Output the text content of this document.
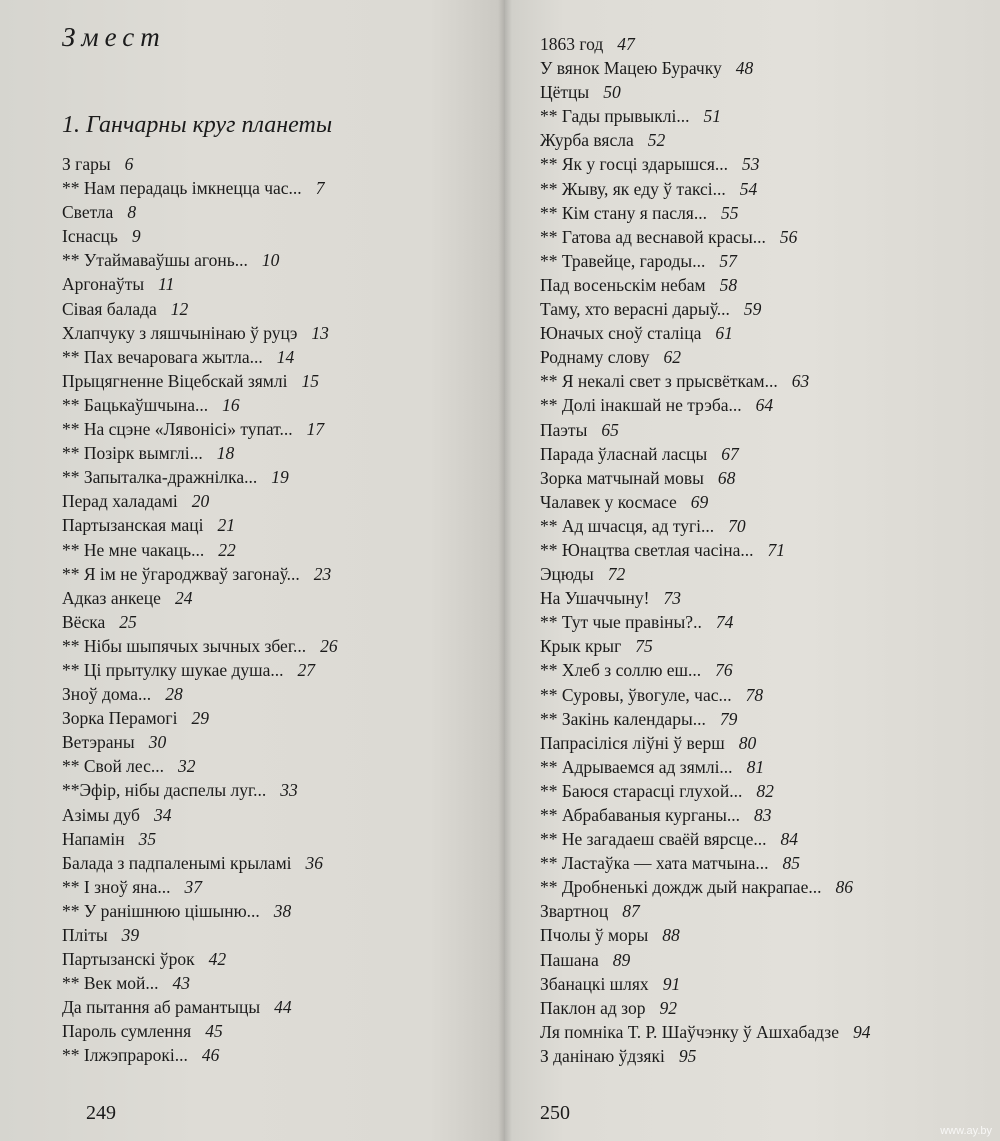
Змест
1. Ганчарны круг планеты
З гары 6
** Нам перадаць імкнецца час... 7
Светла 8
Існасць 9
** Утаймаваўшы агонь... 10
Аргонаўты 11
Сівая балада 12
Хлапчуку з ляшчынінаю ў руцэ 13
** Пах вечаровага жытла... 14
Прыцягненне Віцебскай зямлі 15
** Бацькаўшчына... 16
** На сцэне «Лявонісі» тупат... 17
** Позірк вымглі... 18
** Запыталка-дражнілка... 19
Перад халадамі 20
Партызанская маці 21
** Не мне чакаць... 22
** Я ім не ўгароджваў загонаў... 23
Адказ анкеце 24
Вёска 25
** Нібы шыпячых зычных збег... 26
** Ці прытулку шукае душа... 27
Зноў дома... 28
Зорка Перамогі 29
Ветэраны 30
** Свой лес... 32
**Эфір, нібы даспелы луг... 33
Азімы дуб 34
Напамін 35
Балада з падпаленымі крыламі 36
** І зноў яна... 37
** У ранішнюю цішыню... 38
Пліты 39
Партызанскі ўрок 42
** Век мой... 43
Да пытання аб рамантыцы 44
Пароль сумлення 45
** Ілжэпрарокі... 46
249
1863 год 47
У вянок Мацею Бурачку 48
Цётцы 50
** Гады прывыклі... 51
Журба вясла 52
** Як у госці здарышся... 53
** Жыву, як еду ў таксі... 54
** Кім стану я пасля... 55
** Гатова ад веснавой красы... 56
** Травейце, гароды... 57
Пад восеньскім небам 58
Таму, хто верасні дарыў... 59
Юначых сноў сталіца 61
Роднаму слову 62
** Я некалі свет з прысвёткам... 63
** Долі інакшай не трэба... 64
Паэты 65
Парада ўласнай ласцы 67
Зорка матчынай мовы 68
Чалавек у космасе 69
** Ад шчасця, ад тугі... 70
** Юнацтва светлая часіна... 71
Эцюды 72
На Ушаччыну! 73
** Тут чые правіны?.. 74
Крык крыг 75
** Хлеб з соллю еш... 76
** Суровы, ўвогуле, час... 78
** Закінь календары... 79
Папрасіліся ліўні ў верш 80
** Адрываемся ад зямлі... 81
** Баюся старасці глухой... 82
** Абрабаваныя курганы... 83
** Не загадаеш сваёй вярсце... 84
** Ластаўка — хата матчына... 85
** Дробненькі дождж дый накрапае... 86
Звартноц 87
Пчолы ў моры 88
Пашана 89
Збанацкі шлях 91
Паклон ад зор 92
Ля помніка Т. Р. Шаўчэнку ў Ашхабадзе 94
З данінаю ўдзякі 95
250
www.ay.by
